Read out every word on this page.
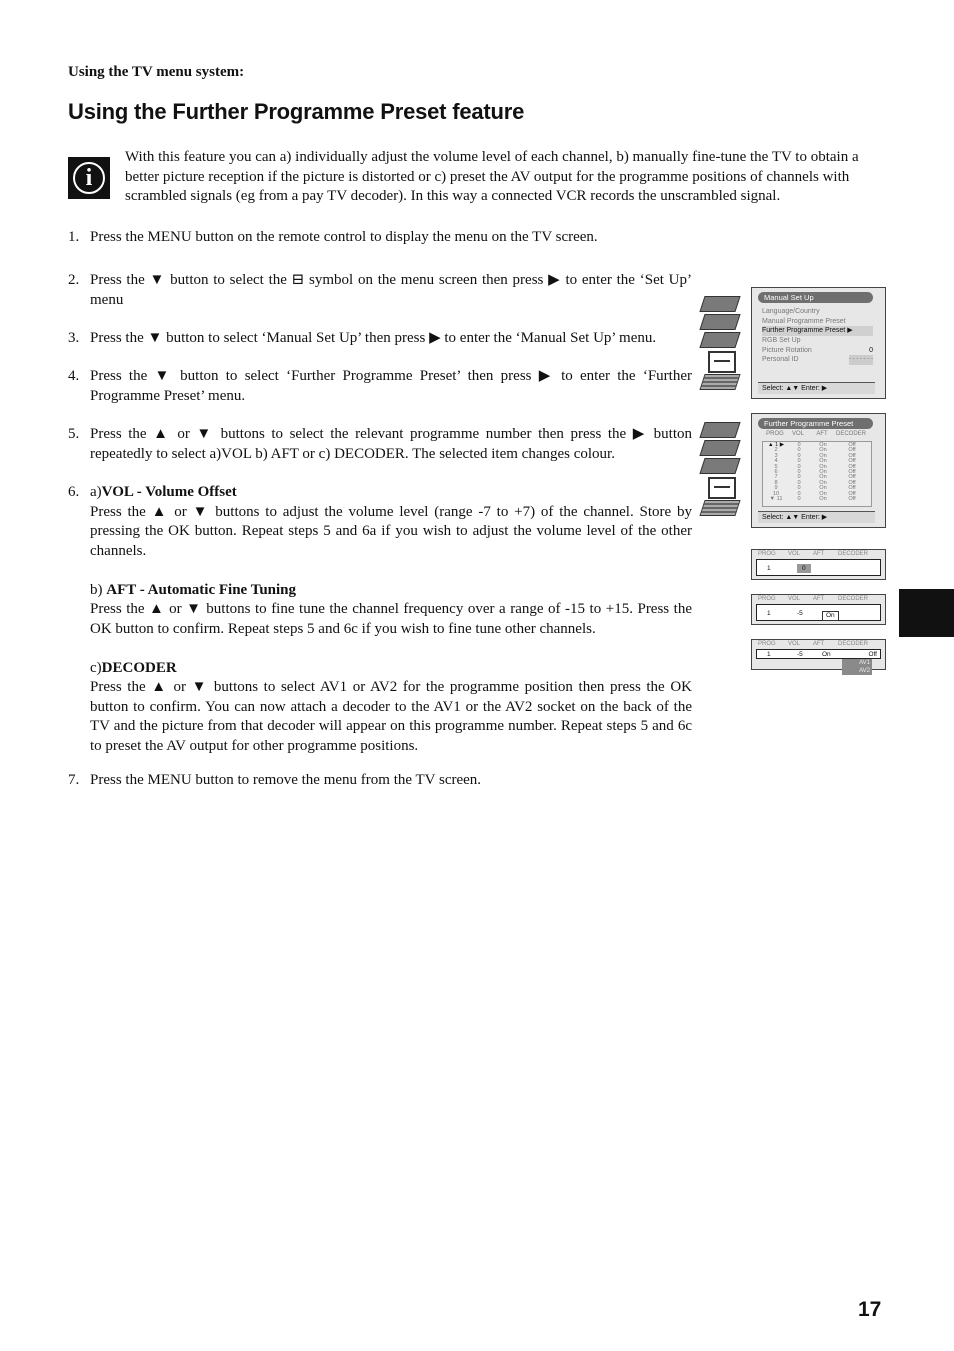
Using the TV menu system:
Using the Further Programme Preset feature
i

With this feature you can a) individually adjust the volume level of each channel, b) manually fine-tune the TV to obtain a better picture reception if the picture is distorted or c) preset the AV output for the programme positions of channels with scrambled signals (eg from a pay TV decoder). In this way a connected VCR records the unscrambled signal.

1. Press the MENU button on the remote control to display the menu on the TV screen.
2. Press the ▼ button to select the ⊟ symbol on the menu screen then press ▶ to enter the ‘Set Up’ menu
3. Press the ▼ button to select ‘Manual Set Up’ then press ▶ to enter the ‘Manual Set Up’ menu.
4. Press the ▼ button to select ‘Further Programme Preset’ then press ▶ to enter the ‘Further Programme Preset’ menu.
5. Press the ▲ or ▼ buttons to select the relevant programme number then press the ▶ button repeatedly to select a)VOL b) AFT or c) DECODER. The selected item changes colour.
6. a)VOL - Volume Offset

Press the ▲ or ▼ buttons to adjust the volume level (range -7 to +7) of the channel. Store by pressing the OK button. Repeat steps 5 and 6a if you wish to adjust the volume level of the other channels.

b) AFT - Automatic Fine Tuning

Press the ▲ or ▼ buttons to fine tune the channel frequency over a range of -15 to +15. Press the OK button to confirm. Repeat steps 5 and 6c if you wish to fine tune other channels.

c)DECODER

Press the ▲ or ▼ buttons to select AV1 or AV2 for the programme position then press the OK button to confirm. You can now attach a decoder to the AV1 or the AV2 socket on the back of the TV and the picture from that decoder will appear on this programme number. Repeat steps 5 and 6c to preset the AV output for other programme positions.

7. Press the MENU button to remove the menu from the TV screen.
Manual Set Up
Language/Country
Manual Programme Preset
Further Programme Preset ▶
RGB Set Up
Picture Rotation	0
Personal ID	- - - - - - -
Select: ▲▼ Enter: ▶
Further Programme Preset
PROG	VOL	AFT	DECODER
▲ 1 ▶	0	On	Off
2	0	On	Off
3	0	On	Off
4	0	On	Off
5	0	On	Off
6	0	On	Off
7	0	On	Off
8	0	On	Off
9	0	On	Off
10	0	On	Off
▼ 11	0	On	Off
Select: ▲▼ Enter: ▶
PROG	VOL	AFT	DECODER
1	0
PROG	VOL	AFT	DECODER
1	-5	On
PROG	VOL	AFT	DECODER
1	-5	On	Off
AV1
AV2
17
